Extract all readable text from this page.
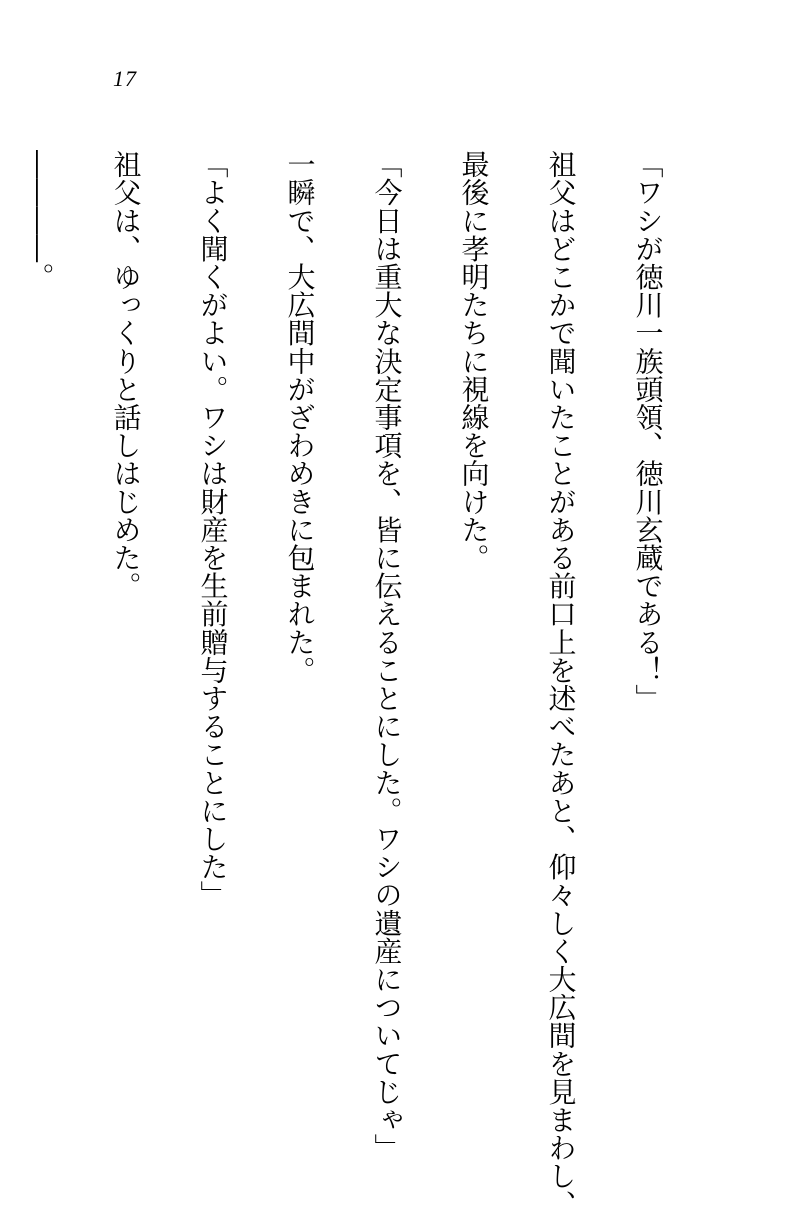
17

「ワシが徳川一族頭領、徳川玄蔵である！」

祖父はどこかで聞いたことがある前口上を述べたあと、仰々しく大広間を見まわし、

最後に孝明たちに視線を向けた。

「今日は重大な決定事項を、皆に伝えることにした。ワシの遺産についてじゃ」

一瞬で、大広間中がざわめきに包まれた。

「よく聞くがよい。ワシは財産を生前贈与することにした」

祖父は、ゆっくりと話しはじめた。

――――。
